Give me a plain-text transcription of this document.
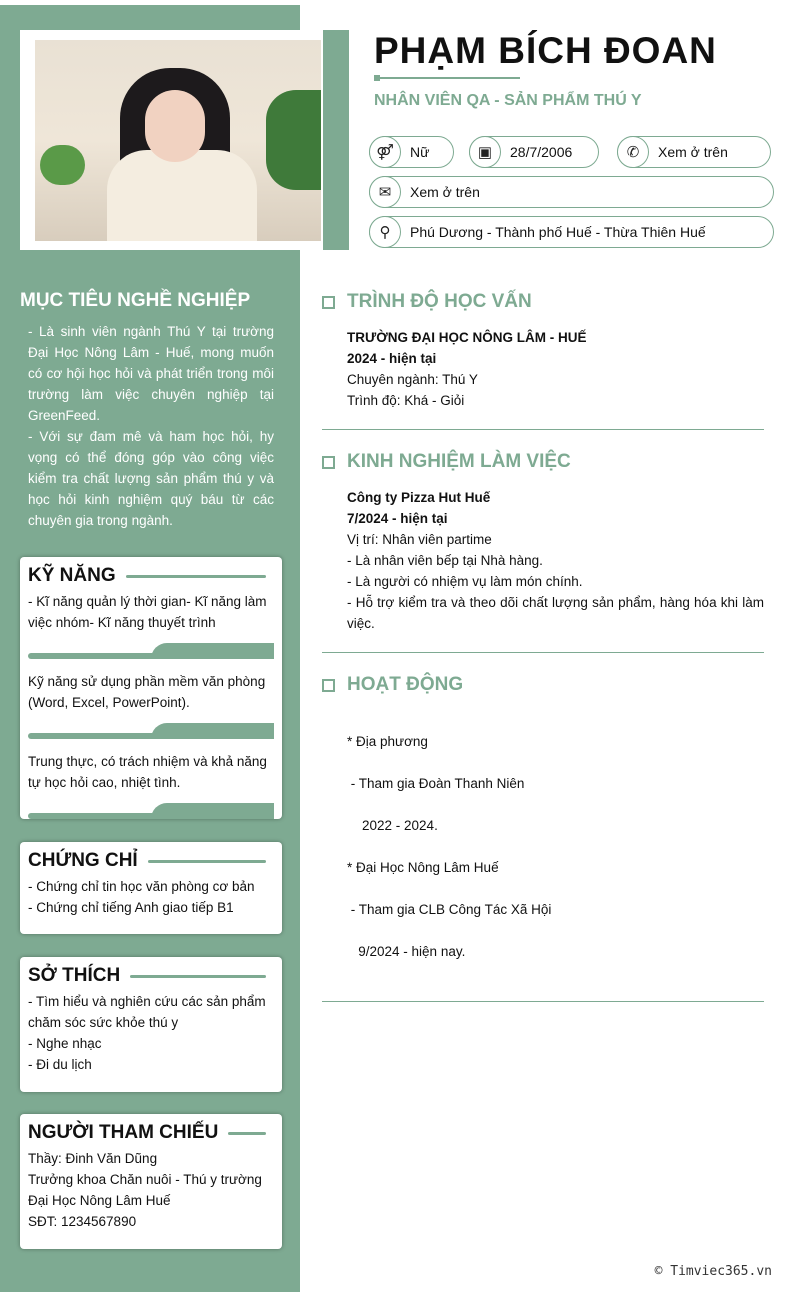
PHẠM BÍCH ĐOAN
NHÂN VIÊN QA - SẢN PHẨM THÚ Y
⚤	Nữ	▣	28/7/2006	✆	Xem ở trên
✉	Xem ở trên
⚲	Phú Dương - Thành phố Huế - Thừa Thiên Huế
MỤC TIÊU NGHỀ NGHIỆP
- Là sinh viên ngành Thú Y tại trường Đại Học Nông Lâm - Huế, mong muốn có cơ hội học hỏi và phát triển trong môi trường làm việc chuyên nghiệp tại GreenFeed.
- Với sự đam mê và ham học hỏi, hy vọng có thể đóng góp vào công việc kiểm tra chất lượng sản phẩm thú y và học hỏi kinh nghiệm quý báu từ các chuyên gia trong ngành.
KỸ NĂNG

- Kĩ năng quản lý thời gian- Kĩ năng làm việc nhóm- Kĩ năng thuyết trình

Kỹ năng sử dụng phần mềm văn phòng (Word, Excel, PowerPoint).

Trung thực, có trách nhiệm và khả năng tự học hỏi cao, nhiệt tình.

CHỨNG CHỈ

- Chứng chỉ tin học văn phòng cơ bản

- Chứng chỉ tiếng Anh giao tiếp B1

SỞ THÍCH

- Tìm hiểu và nghiên cứu các sản phẩm chăm sóc sức khỏe thú y

- Nghe nhạc

- Đi du lịch

NGƯỜI THAM CHIẾU

Thầy: Đinh Văn Dũng

Trưởng khoa Chăn nuôi - Thú y trường Đại Học Nông Lâm Huế

SĐT: 1234567890

TRÌNH ĐỘ HỌC VẤN
TRƯỜNG ĐẠI HỌC NÔNG LÂM - HUẾ
2024 - hiện tại
Chuyên ngành: Thú Y
Trình độ: Khá - Giỏi
KINH NGHIỆM LÀM VIỆC
Công ty Pizza Hut Huế
7/2024 - hiện tại
Vị trí: Nhân viên partime
- Là nhân viên bếp tại Nhà hàng.
- Là người có nhiệm vụ làm món chính.
- Hỗ trợ kiểm tra và theo dõi chất lượng sản phẩm, hàng hóa khi làm việc.
HOẠT ĐỘNG

* Địa phương

- Tham gia Đoàn Thanh Niên

2022 - 2024.

* Đại Học Nông Lâm Huế

- Tham gia CLB Công Tác Xã Hội

9/2024 - hiện nay.

© Timviec365.vn
